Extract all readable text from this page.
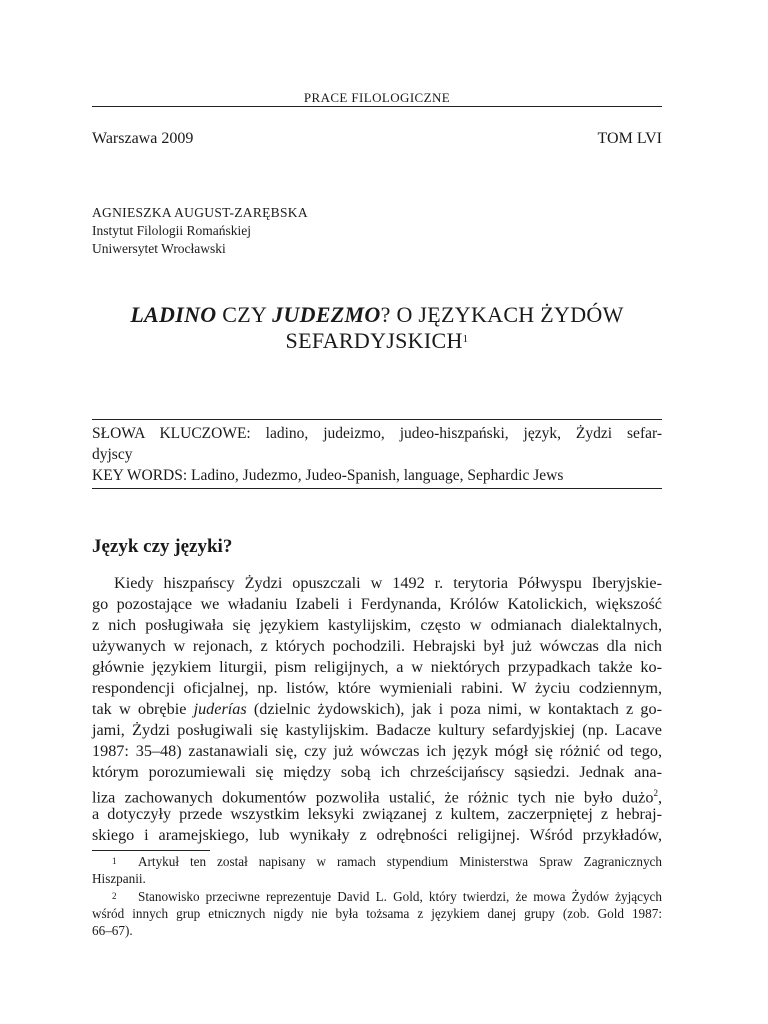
PRACE FILOLOGICZNE
Warszawa 2009	TOM LVI
AGNIESZKA AUGUST-ZARĘBSKA
Instytut Filologii Romańskiej
Uniwersytet Wrocławski
LADINO CZY JUDEZMO? O JĘZYKACH ŻYDÓW
SEFARDYJSKICH$^1$
SŁOWA KLUCZOWE: ladino, judeizmo, judeo-hiszpański, język, Żydzi sefar-
dyjscy
KEY WORDS: Ladino, Judezmo, Judeo-Spanish, language, Sephardic Jews
Język czy języki?
Kiedy hiszpańscy Żydzi opuszczali w 1492 r. terytoria Półwyspu Iberyjskie-
go pozostające we władaniu Izabeli i Ferdynanda, Królów Katolickich, większość
z nich posługiwała się językiem kastylijskim, często w odmianach dialektalnych,
używanych w rejonach, z których pochodzili. Hebrajski był już wówczas dla nich
głównie językiem liturgii, pism religijnych, a w niektórych przypadkach także ko-
respondencji oficjalnej, np. listów, które wymieniali rabini. W życiu codziennym,
tak w obrębie juderías (dzielnic żydowskich), jak i poza nimi, w kontaktach z go-
jami, Żydzi posługiwali się kastylijskim. Badacze kultury sefardyjskiej (np. Lacave
1987: 35–48) zastanawiali się, czy już wówczas ich język mógł się różnić od tego,
którym porozumiewali się między sobą ich chrześcijańscy sąsiedzi. Jednak ana-
liza zachowanych dokumentów pozwoliła ustalić, że różnic tych nie było dużo$^2$,
a dotyczyły przede wszystkim leksyki związanej z kultem, zaczerpniętej z hebraj-
skiego i aramejskiego, lub wynikały z odrębności religijnej. Wśród przykładów,
1 Artykuł ten został napisany w ramach stypendium Ministerstwa Spraw Zagranicznych
Hiszpanii.
2 Stanowisko przeciwne reprezentuje David L. Gold, który twierdzi, że mowa Żydów żyjących
wśród innych grup etnicznych nigdy nie była tożsama z językiem danej grupy (zob. Gold 1987:
66–67).
